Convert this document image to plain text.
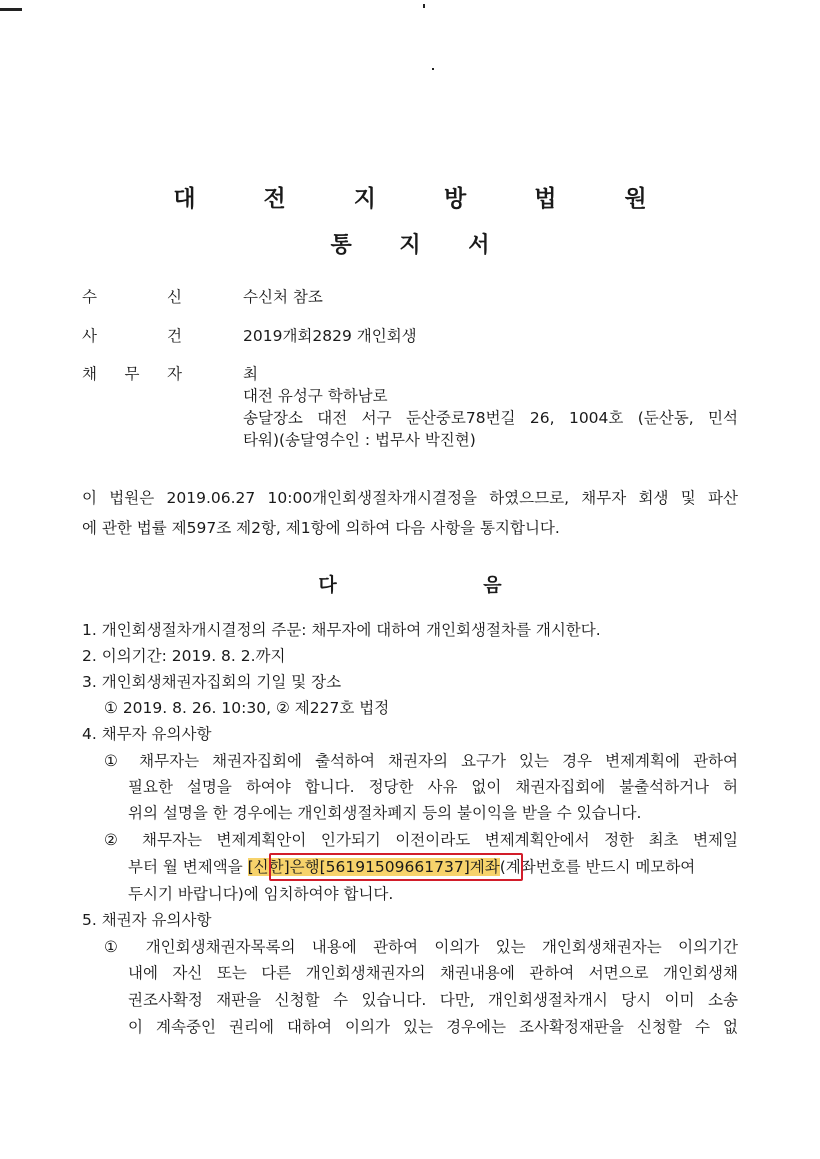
대 전 지 방 법 원
통 지 서
수 신	수신처 참조
사 건	2019개회2829 개인회생
채 무 자	최
대전 유성구 학하남로
송달장소 대전 서구 둔산중로78번길 26, 1004호 (둔산동, 민석
타워)(송달영수인 : 법무사 박진현)
이 법원은 2019.06.27 10:00개인회생절차개시결정을 하였으므로, 채무자 회생 및 파산
에 관한 법률 제597조 제2항, 제1항에 의하여 다음 사항을 통지합니다.
다 음
1. 개인회생절차개시결정의 주문: 채무자에 대하여 개인회생절차를 개시한다.
2. 이의기간: 2019. 8. 2.까지
3. 개인회생채권자집회의 기일 및 장소
① 2019. 8. 26. 10:30, ② 제227호 법정
4. 채무자 유의사항
① 채무자는 채권자집회에 출석하여 채권자의 요구가 있는 경우 변제계획에 관하여
필요한 설명을 하여야 합니다. 정당한 사유 없이 채권자집회에 불출석하거나 허
위의 설명을 한 경우에는 개인회생절차폐지 등의 불이익을 받을 수 있습니다.
② 채무자는 변제계획안이 인가되기 이전이라도 변제계획안에서 정한 최초 변제일
부터 월 변제액을 [신한]은행[56191509661737]계좌(계좌번호를 반드시 메모하여
두시기 바랍니다)에 임치하여야 합니다.
5. 채권자 유의사항
① 개인회생채권자목록의 내용에 관하여 이의가 있는 개인회생채권자는 이의기간
내에 자신 또는 다른 개인회생채권자의 채권내용에 관하여 서면으로 개인회생채
권조사확정 재판을 신청할 수 있습니다. 다만, 개인회생절차개시 당시 이미 소송
이 계속중인 권리에 대하여 이의가 있는 경우에는 조사확정재판을 신청할 수 없
